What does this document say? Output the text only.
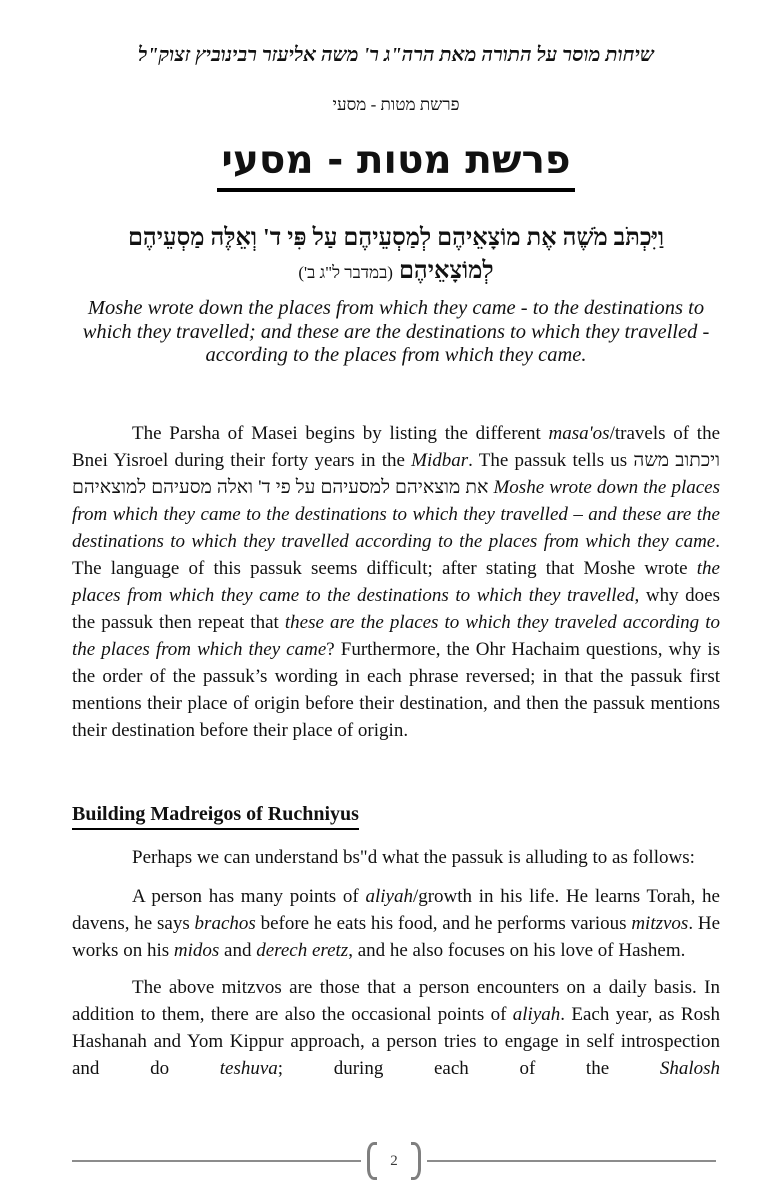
שיחות מוסר על התורה מאת הרה"ג ר' משה אליעזר רבינוביץ זצוק"ל
פרשת מטות - מסעי
פרשת מטות - מסעי
וַיִּכְתֹּב מֹשֶׁה אֶת מוֹצָאֵיהֶם לְמַסְעֵיהֶם עַל פִּי ד' וְאֵלֶּה מַסְעֵיהֶם
לְמוֹצָאֵיהֶם (במדבר ל"ג ב')
Moshe wrote down the places from which they came - to the destinations to which they travelled; and these are the destinations to which they travelled - according to the places from which they came.

The Parsha of Masei begins by listing the different masa'os/travels of the Bnei Yisroel during their forty years in the Midbar. The passuk tells us ויכתוב משה את מוצאיהם למסעיהם על פי ד' ואלה מסעיהם למוצאיהם Moshe wrote down the places from which they came to the destinations to which they travelled – and these are the destinations to which they travelled according to the places from which they came. The language of this passuk seems difficult; after stating that Moshe wrote the places from which they came to the destinations to which they travelled, why does the passuk then repeat that these are the places to which they traveled according to the places from which they came? Furthermore, the Ohr Hachaim questions, why is the order of the passuk’s wording in each phrase reversed; in that the passuk first mentions their place of origin before their destination, and then the passuk mentions their destination before their place of origin.

Building Madreigos of Ruchniyus

Perhaps we can understand bs"d what the passuk is alluding to as follows:

A person has many points of aliyah/growth in his life. He learns Torah, he davens, he says brachos before he eats his food, and he performs various mitzvos. He works on his midos and derech eretz, and he also focuses on his love of Hashem.

The above mitzvos are those that a person encounters on a daily basis. In addition to them, there are also the occasional points of aliyah. Each year, as Rosh Hashanah and Yom Kippur approach, a person tries to engage in self introspection and do teshuva; during each of the Shalosh

2
